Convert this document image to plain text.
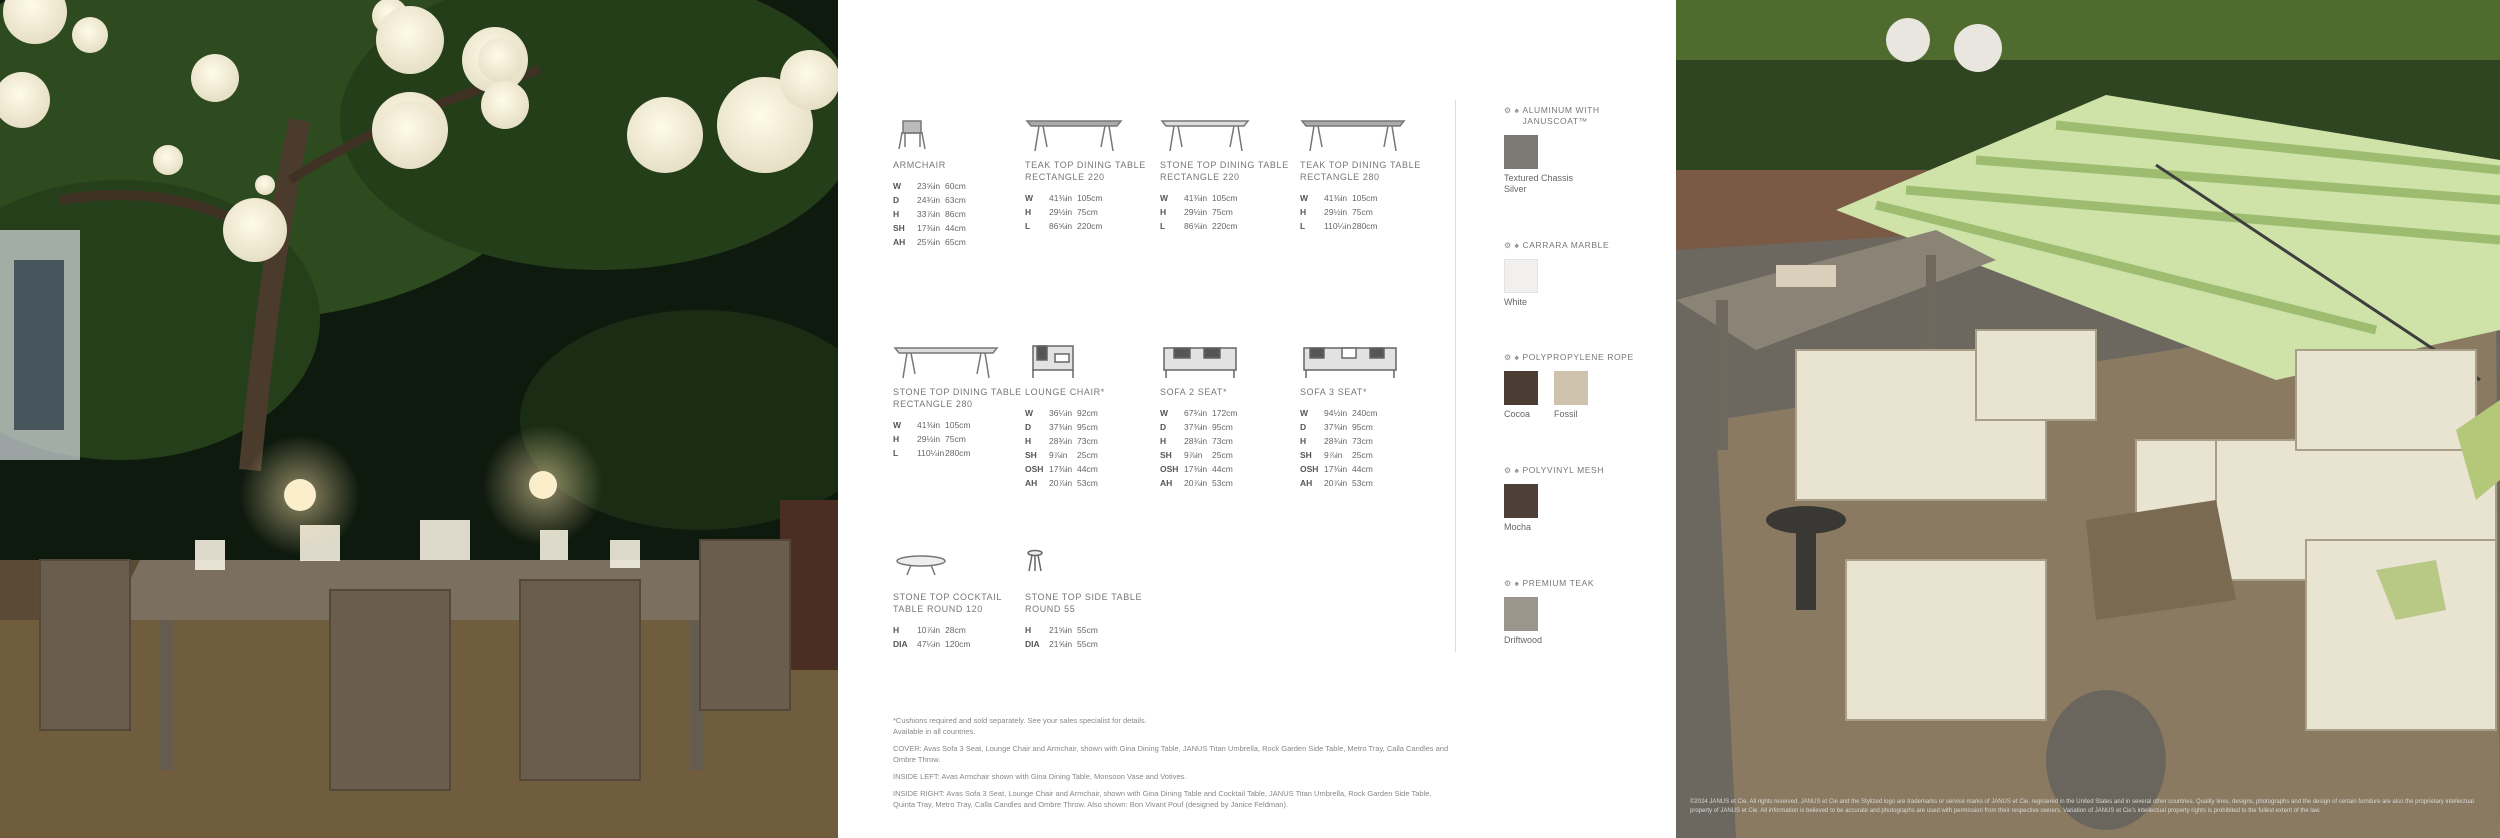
ARMCHAIR
W	23⅝in 60cm
D	24¾in 63cm
H	33⅞in 86cm
SH	17⅜in 44cm
AH	25⅝in 65cm
TEAK TOP DINING TABLE RECTANGLE 220
W	41⅜in 105cm
H	29½in 75cm
L	86⅝in 220cm
STONE TOP DINING TABLE RECTANGLE 220
W	41⅜in 105cm
H	29½in 75cm
L	86⅝in 220cm
TEAK TOP DINING TABLE RECTANGLE 280
W	41⅜in 105cm
H	29½in 75cm
L	110¼in 280cm
STONE TOP DINING TABLE RECTANGLE 280
W	41⅜in 105cm
H	29½in 75cm
L	110¼in 280cm
LOUNGE CHAIR*
W	36¼in 92cm
D	37⅜in 95cm
H	28¾in 73cm
SH	9⅞in	25cm
OSH 17⅜in 44cm
AH	20⅞in 53cm
SOFA 2 SEAT*
W	67¾in 172cm
D	37⅜in 95cm
H	28¾in 73cm
SH	9⅞in	25cm
OSH 17⅜in 44cm
AH	20⅞in 53cm
SOFA 3 SEAT*
W	94½in 240cm
D	37⅜in 95cm
H	28¾in 73cm
SH	9⅞in	25cm
OSH 17⅜in 44cm
AH	20⅞in 53cm
STONE TOP COCKTAIL TABLE ROUND 120
H	10⅞in 28cm
DIA	47¼in 120cm
STONE TOP SIDE TABLE ROUND 55
H	21⅝in 55cm
DIA	21⅝in 55cm
⚙ ♠ ALUMINUM WITH JANUSCOAT™
Textured Chassis Silver
⚙ ♠ CARRARA MARBLE
White
⚙ ♠ POLYPROPYLENE ROPE
Cocoa	Fossil
⚙ ♠ POLYVINYL MESH
Mocha
⚙ ♠ PREMIUM TEAK
Driftwood

*Cushions required and sold separately. See your sales specialist for details.
Available in all countries.

COVER: Avas Sofa 3 Seat, Lounge Chair and Armchair, shown with Gina Dining Table, JANUS Titan Umbrella, Rock Garden Side Table, Metro Tray, Calla Candles and Ombre Throw.

INSIDE LEFT: Avas Armchair shown with Gina Dining Table, Monsoon Vase and Votives.

INSIDE RIGHT: Avas Sofa 3 Seat, Lounge Chair and Armchair, shown with Gina Dining Table and Cocktail Table, JANUS Titan Umbrella, Rock Garden Side Table, Quinta Tray, Metro Tray, Calla Candles and Ombre Throw. Also shown: Bon Vivant Pouf (designed by Janice Feldman).	©2024 JANUS et Cie. All rights reserved. JANUS et Cie and the Stylized logo are trademarks or service marks of JANUS et Cie, registered in the United States and in several other countries. Quality lines, designs, photographs and the design of certain furniture are also the proprietary intellectual property of JANUS et Cie. All information is believed to be accurate and photographs are used with permission from their respective owners. Variation of JANUS et Cie's intellectual property rights is prohibited to the fullest extent of the law.
